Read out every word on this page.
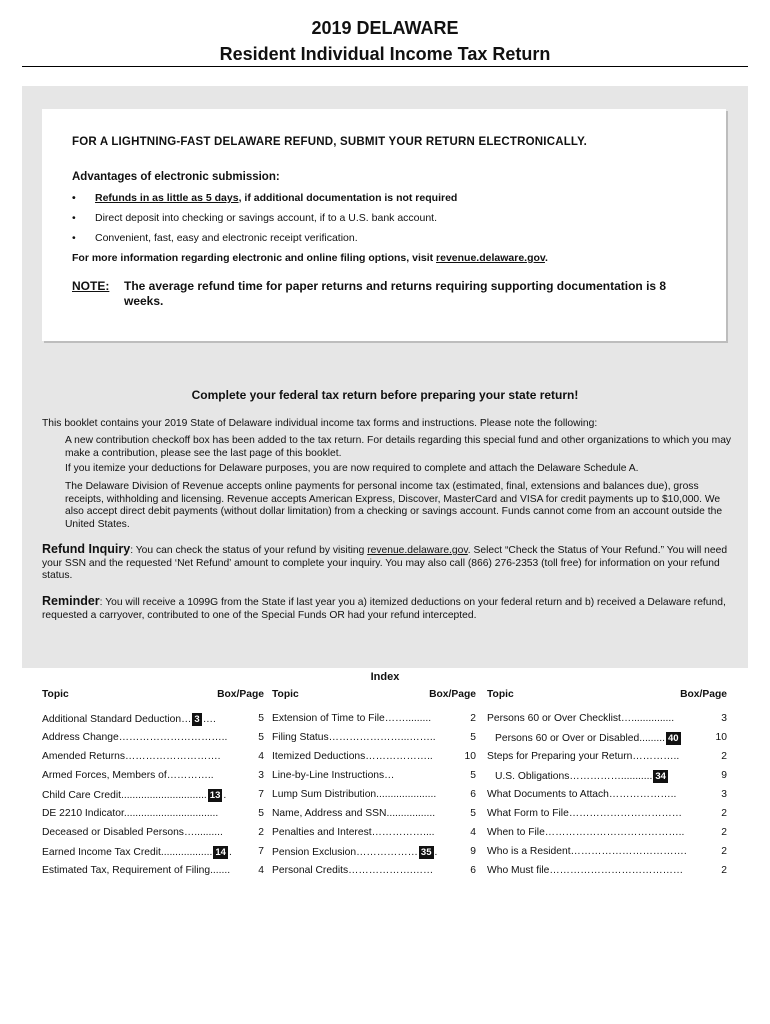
2019 DELAWARE
Resident Individual Income Tax Return
FOR A LIGHTNING-FAST DELAWARE REFUND, SUBMIT YOUR RETURN ELECTRONICALLY.
Advantages of electronic submission:
• Refunds in as little as 5 days, if additional documentation is not required
• Direct deposit into checking or savings account, if to a U.S. bank account.
• Convenient, fast, easy and electronic receipt verification.
For more information regarding electronic and online filing options, visit revenue.delaware.gov.
NOTE: The average refund time for paper returns and returns requiring supporting documentation is 8 weeks.
Complete your federal tax return before preparing your state return!
This booklet contains your 2019 State of Delaware individual income tax forms and instructions. Please note the following:
A new contribution checkoff box has been added to the tax return. For details regarding this special fund and other organizations to which you may make a contribution, please see the last page of this booklet.
If you itemize your deductions for Delaware purposes, you are now required to complete and attach the Delaware Schedule A.
The Delaware Division of Revenue accepts online payments for personal income tax (estimated, final, extensions and balances due), gross receipts, withholding and licensing. Revenue accepts American Express, Discover, MasterCard and VISA for credit payments up to $10,000. We also accept direct debit payments (without dollar limitation) from a checking or savings account. Funds cannot come from an account outside the United States.
Refund Inquiry: You can check the status of your refund by visiting revenue.delaware.gov. Select “Check the Status of Your Refund.” You will need your SSN and the requested ‘Net Refund’ amount to complete your inquiry. You may also call (866) 276-2353 (toll free) for information on your refund status.
Reminder: You will receive a 1099G from the State if last year you a) itemized deductions on your federal return and b) received a Delaware refund, requested a carryover, contributed to one of the Special Funds OR had your refund intercepted.
Index
Topic	Box/Page
Additional Standard Deduction… 3 ….	5
Address Change…………………………..	5
Amended Returns……………………….	4
Armed Forces, Members of…………..	3
Child Care Credit.............................. 13 .	7
DE 2210 Indicator.................................	5
Deceased or Disabled Persons…..........	2
Earned Income Tax Credit.................. 14 .	7
Estimated Tax, Requirement of Filing.......	4
Topic	Box/Page
Extension of Time to File…….........	2
Filing Status…………………...……..	5
Itemized Deductions………………..	10
Line-by-Line Instructions…	5
Lump Sum Distribution.....................	6
Name, Address and SSN.................	5
Penalties and Interest……………....	4
Pension Exclusion……………… 35 .	9
Personal Credits……………….……	6
Topic	Box/Page
Persons 60 or Over Checklist…...............	3
Persons 60 or Over or Disabled......... 40	10
Steps for Preparing your Return…………..	2
U.S. Obligations……………........... 34	9
What Documents to Attach………………..	3
What Form to File……………………………	2
When to File…………………………………..	2
Who is a Resident…………………………….	2
Who Must file…………………………………	2
